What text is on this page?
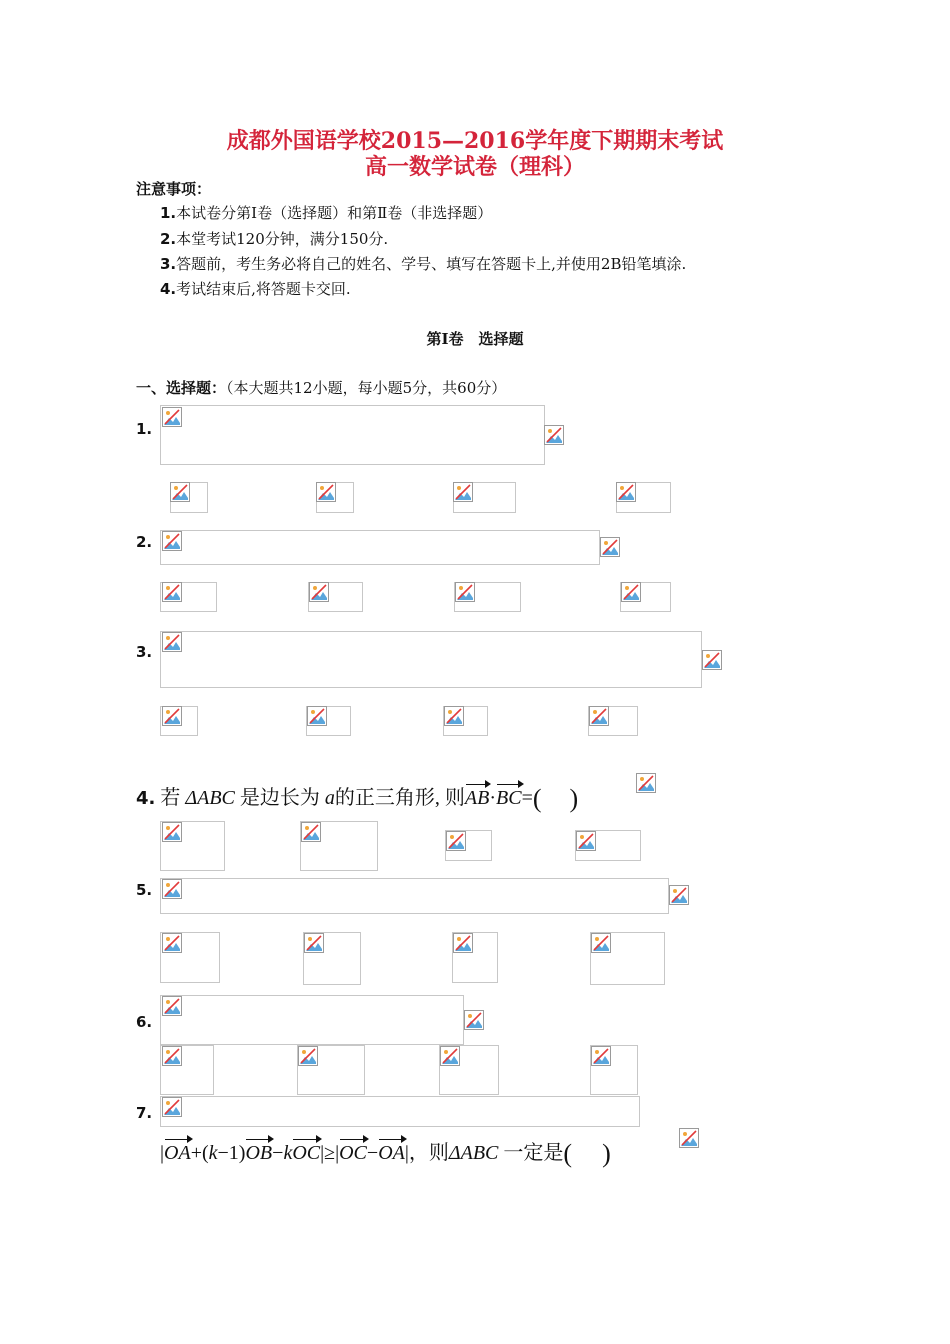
成都外国语学校2015—2016学年度下期期末考试
高一数学试卷（理科）
注意事项：
1.本试卷分第Ⅰ卷（选择题）和第Ⅱ卷（非选择题）
2.本堂考试120分钟，满分150分.
3.答题前，考生务必将自己的姓名、学号、填写在答题卡上,并使用2B铅笔填涂.
4.考试结束后,将答题卡交回.
第Ⅰ卷　选择题
一、选择题：（本大题共12小题，每小题5分，共60分）
1.
2.
3.
4. 若 ΔABC 是边长为 a的正三角形, 则AB·BC=( )
5.
6.
7.
|OA+(k−1)OB−kOC|≥|OC−OA|，则ΔABC 一定是( )
